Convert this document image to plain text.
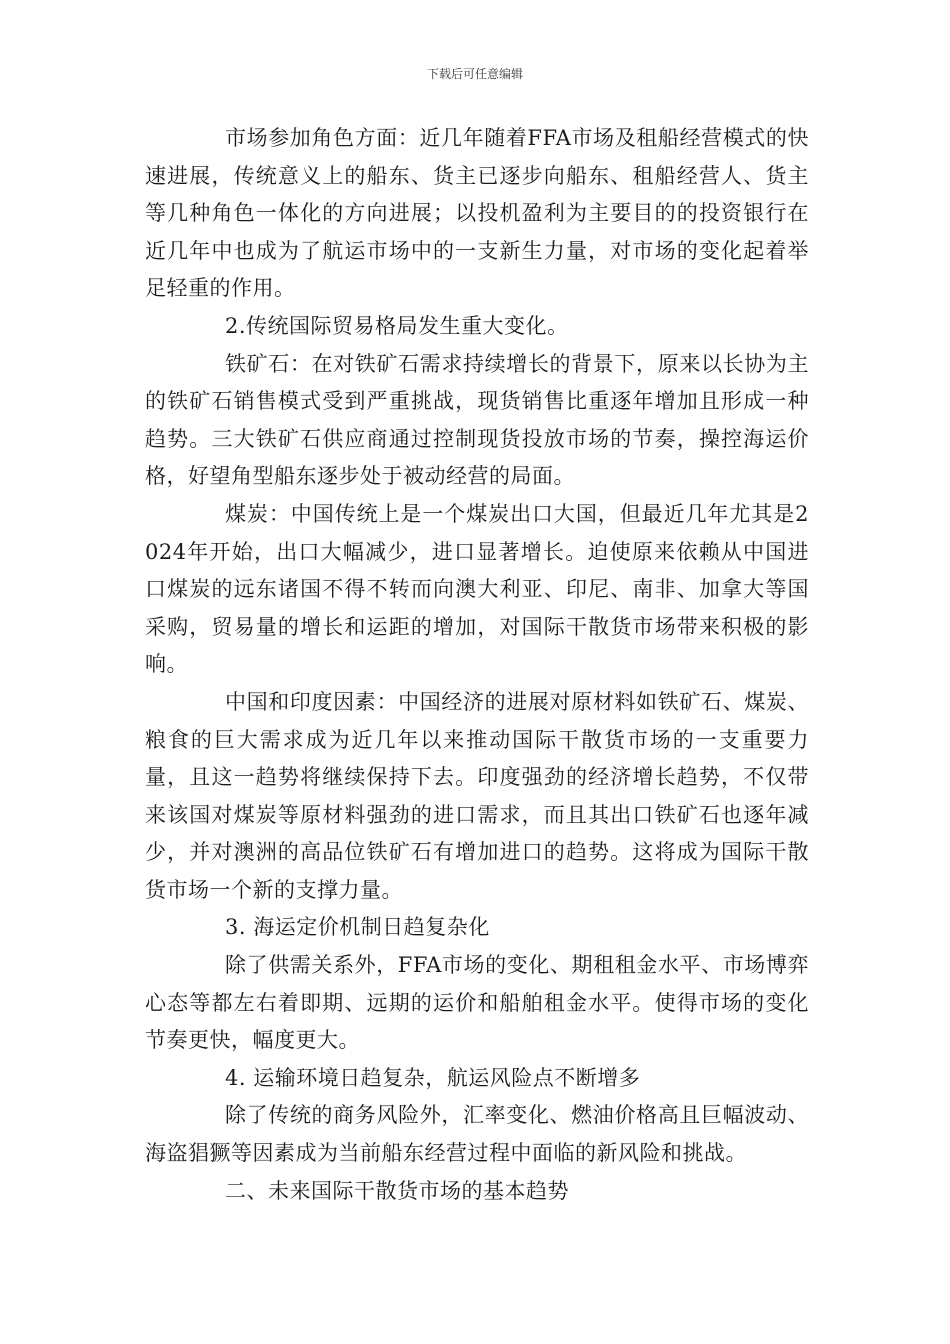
下载后可任意编辑

市场参加角色方面：近几年随着FFA市场及租船经营模式的快速进展，传统意义上的船东、货主已逐步向船东、租船经营人、货主等几种角色一体化的方向进展；以投机盈利为主要目的的投资银行在近几年中也成为了航运市场中的一支新生力量，对市场的变化起着举足轻重的作用。

2.传统国际贸易格局发生重大变化。

铁矿石：在对铁矿石需求持续增长的背景下，原来以长协为主的铁矿石销售模式受到严重挑战，现货销售比重逐年增加且形成一种趋势。三大铁矿石供应商通过控制现货投放市场的节奏，操控海运价格，好望角型船东逐步处于被动经营的局面。

煤炭：中国传统上是一个煤炭出口大国，但最近几年尤其是2024年开始，出口大幅减少，进口显著增长。迫使原来依赖从中国进口煤炭的远东诸国不得不转而向澳大利亚、印尼、南非、加拿大等国采购，贸易量的增长和运距的增加，对国际干散货市场带来积极的影响。

中国和印度因素：中国经济的进展对原材料如铁矿石、煤炭、粮食的巨大需求成为近几年以来推动国际干散货市场的一支重要力量，且这一趋势将继续保持下去。印度强劲的经济增长趋势，不仅带来该国对煤炭等原材料强劲的进口需求，而且其出口铁矿石也逐年减少，并对澳洲的高品位铁矿石有增加进口的趋势。这将成为国际干散货市场一个新的支撑力量。

3. 海运定价机制日趋复杂化

除了供需关系外，FFA市场的变化、期租租金水平、市场博弈心态等都左右着即期、远期的运价和船舶租金水平。使得市场的变化节奏更快，幅度更大。

4. 运输环境日趋复杂，航运风险点不断增多

除了传统的商务风险外，汇率变化、燃油价格高且巨幅波动、海盗猖獗等因素成为当前船东经营过程中面临的新风险和挑战。

二、未来国际干散货市场的基本趋势
